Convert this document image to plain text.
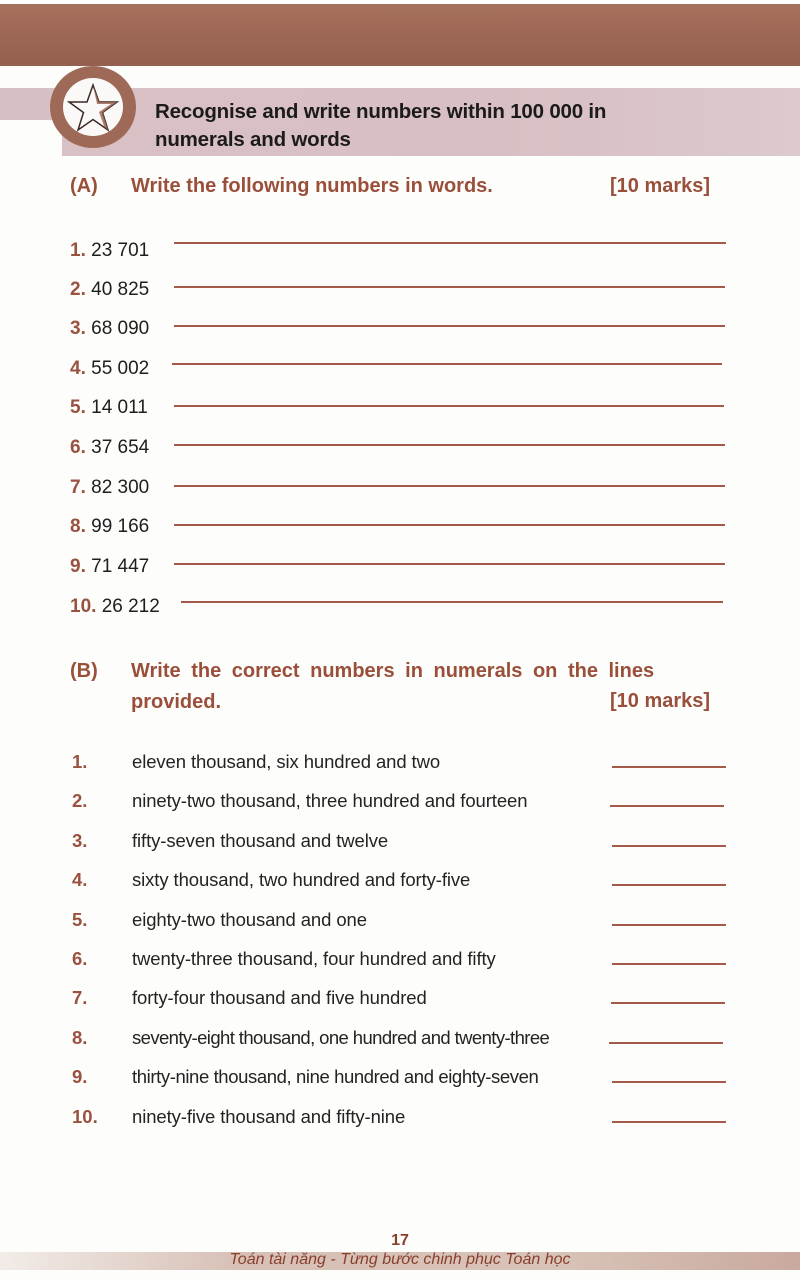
Recognise and write numbers within 100 000 in
numerals and words
(A) Write the following numbers in words.	[10 marks]
1. 23 701
2. 40 825
3. 68 090
4. 55 002
5. 14 011
6. 37 654
7. 82 300
8. 99 166
9. 71 447
10. 26 212
(B) Write the correct numbers in numerals on the lines
provided.	[10 marks]
1. eleven thousand, six hundred and two
2. ninety-two thousand, three hundred and fourteen
3. fifty-seven thousand and twelve
4. sixty thousand, two hundred and forty-five
5. eighty-two thousand and one
6. twenty-three thousand, four hundred and fifty
7. forty-four thousand and five hundred
8. seventy-eight thousand, one hundred and twenty-three
9. thirty-nine thousand, nine hundred and eighty-seven
10. ninety-five thousand and fifty-nine
17
Toán tài năng - Từng bước chinh phục Toán học
